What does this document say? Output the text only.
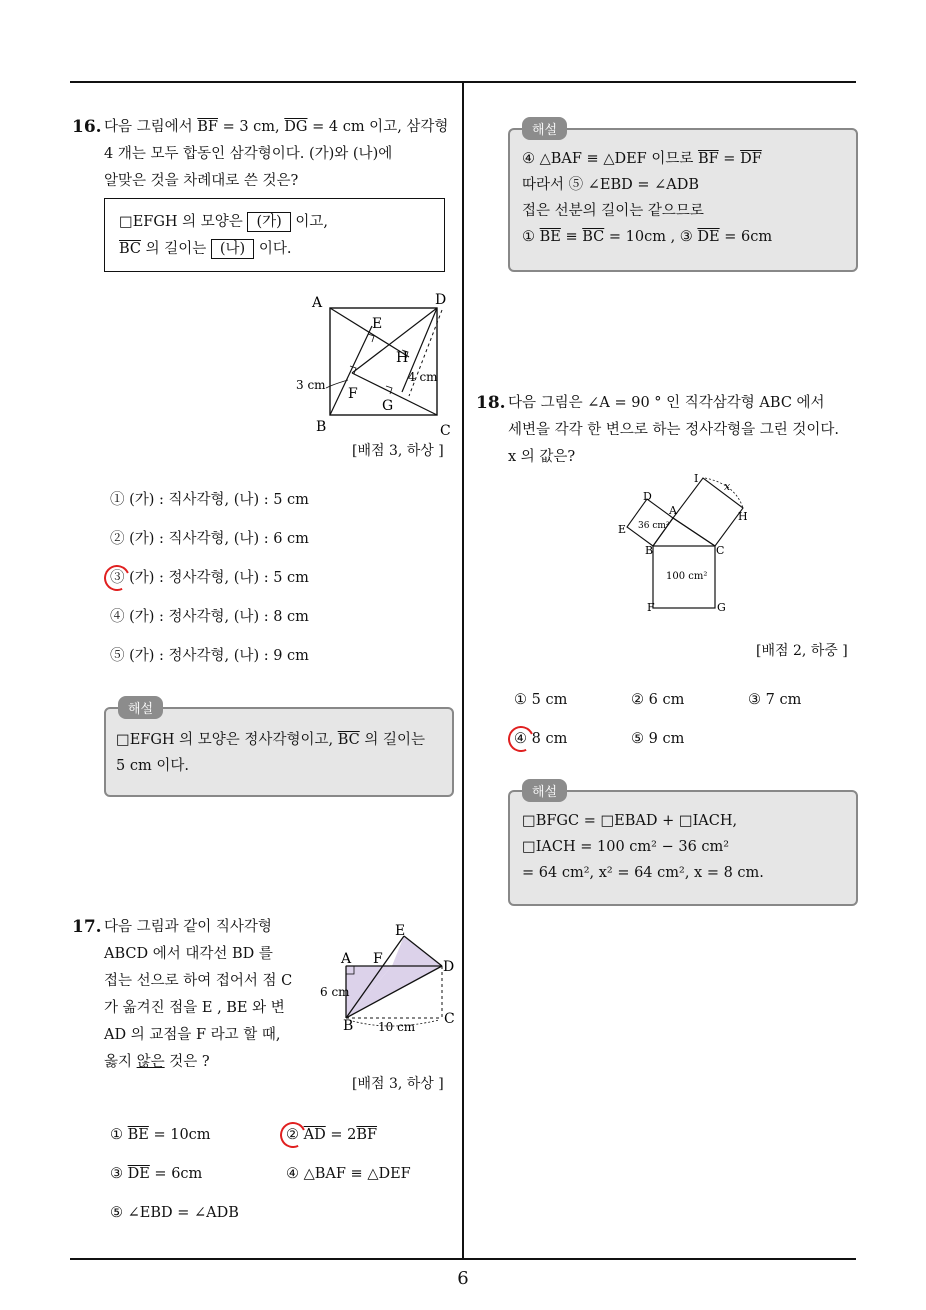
16. 다음 그림에서 $\overline{BF} = 3$ cm, $\overline{DG} = 4$ cm 이고, 삼각형
4 개는 모두 합동인 삼각형이다. (가)와 (나)에
알맞은 것을 차례대로 쓴 것은?
□EFGH 의 모양은 (가) 이고,
$\overline{BC}$ 의 길이는 (나) 이다.
A	D
B	C
E
H
F
G
3 cm
4 cm
[배점 3, 하상 ]
① (가) : 직사각형, (나) : 5 cm
② (가) : 직사각형, (나) : 6 cm
③ (가) : 정사각형, (나) : 5 cm
④ (가) : 정사각형, (나) : 8 cm
⑤ (가) : 정사각형, (나) : 9 cm
해설
□EFGH 의 모양은 정사각형이고, $\overline{BC}$ 의 길이는
5 cm 이다.
17. 다음 그림과 같이 직사각형
ABCD 에서 대각선 BD 를
접는 선으로 하여 접어서 점 C
가 옮겨진 점을 E , BE 와 변
AD 의 교점을 F 라고 할 때,
옳지 않은 것은 ?
A F
E
D
B	C
6 cm
10 cm
[배점 3, 하상 ]
① $\overline{BE} = 10cm$	② $\overline{AD} = 2\overline{BF}$
③ $\overline{DE} = 6cm$	④ △BAF ≡ △DEF
⑤ ∠EBD = ∠ADB
해설
④ △BAF ≡ △DEF 이므로 $\overline{BF} = \overline{DF}$
따라서 ⑤ ∠EBD = ∠ADB
접은 선분의 길이는 같으므로
① $\overline{BE} \equiv \overline{BC} = 10cm$ , ③ $\overline{DE} = 6cm$
18. 다음 그림은 ∠A = 90 ° 인 직각삼각형 ABC 에서
세변을 각각 한 변으로 하는 정사각형을 그린 것이다.
x 의 값은?
D
E
A
I
H
x
B	C
F	G
36 cm²
100 cm²
[배점 2, 하중 ]
① 5 cm	② 6 cm	③ 7 cm
④ 8 cm	⑤ 9 cm
해설
□BFGC = □EBAD + □IACH,
□IACH = 100 cm² − 36 cm²
= 64 cm², x² = 64 cm², x = 8 cm.
6
